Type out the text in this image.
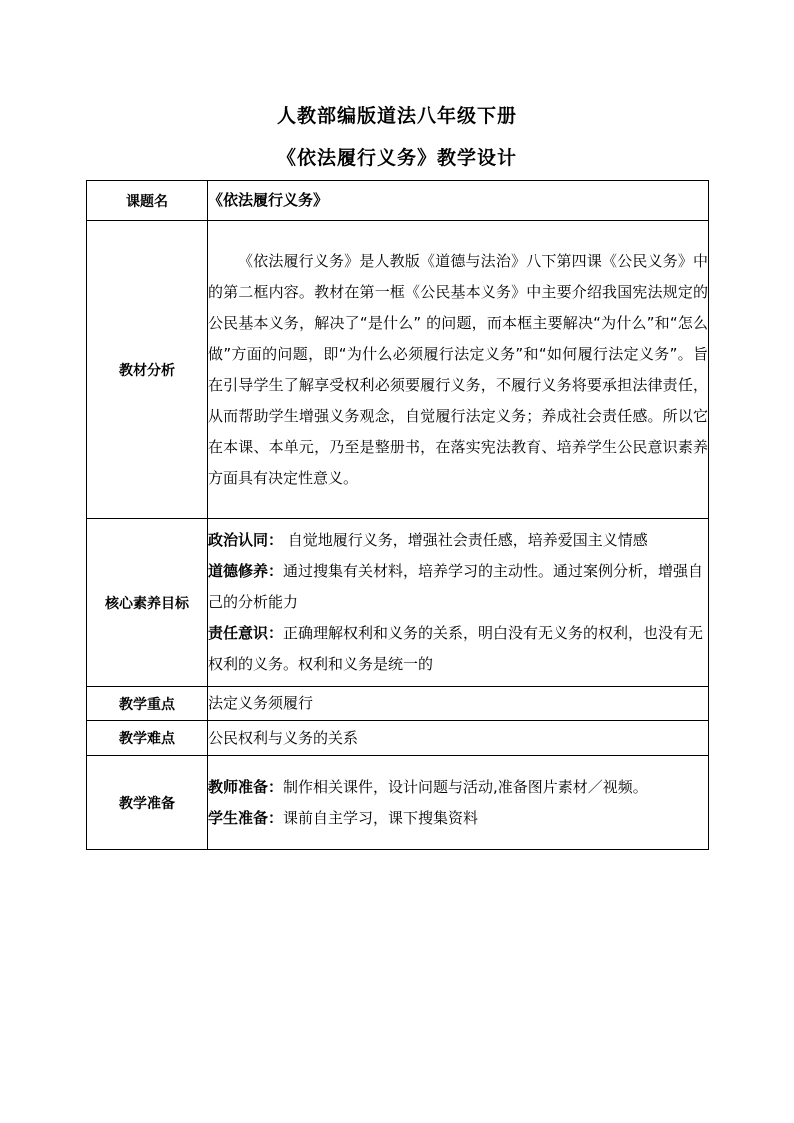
人教部编版道法八年级下册
《依法履行义务》教学设计
课题名	《依法履行义务》
教材分析	《依法履行义务》是人教版《道德与法治》八下第四课《公民义务》中的第二框内容。教材在第一框《公民基本义务》中主要介绍我国宪法规定的公民基本义务，解决了“是什么” 的问题，而本框主要解决“为什么”和“怎么做”方面的问题，即“为什么必须履行法定义务”和“如何履行法定义务”。旨在引导学生了解享受权利必须要履行义务，不履行义务将要承担法律责任，从而帮助学生增强义务观念，自觉履行法定义务；养成社会责任感。所以它在本课、本单元，乃至是整册书，在落实宪法教育、培养学生公民意识素养方面具有决定性意义。

核心素养目标	政治认同： 自觉地履行义务，增强社会责任感，培养爱国主义情感
道德修养：通过搜集有关材料，培养学习的主动性。通过案例分析，增强自己的分析能力
责任意识：正确理解权利和义务的关系，明白没有无义务的权利，也没有无权利的义务。权利和义务是统一的

教学重点	法定义务须履行
教学难点	公民权利与义务的关系
教学准备	教师准备：制作相关课件，设计问题与活动,准备图片素材／视频。
学生准备：课前自主学习，课下搜集资料
